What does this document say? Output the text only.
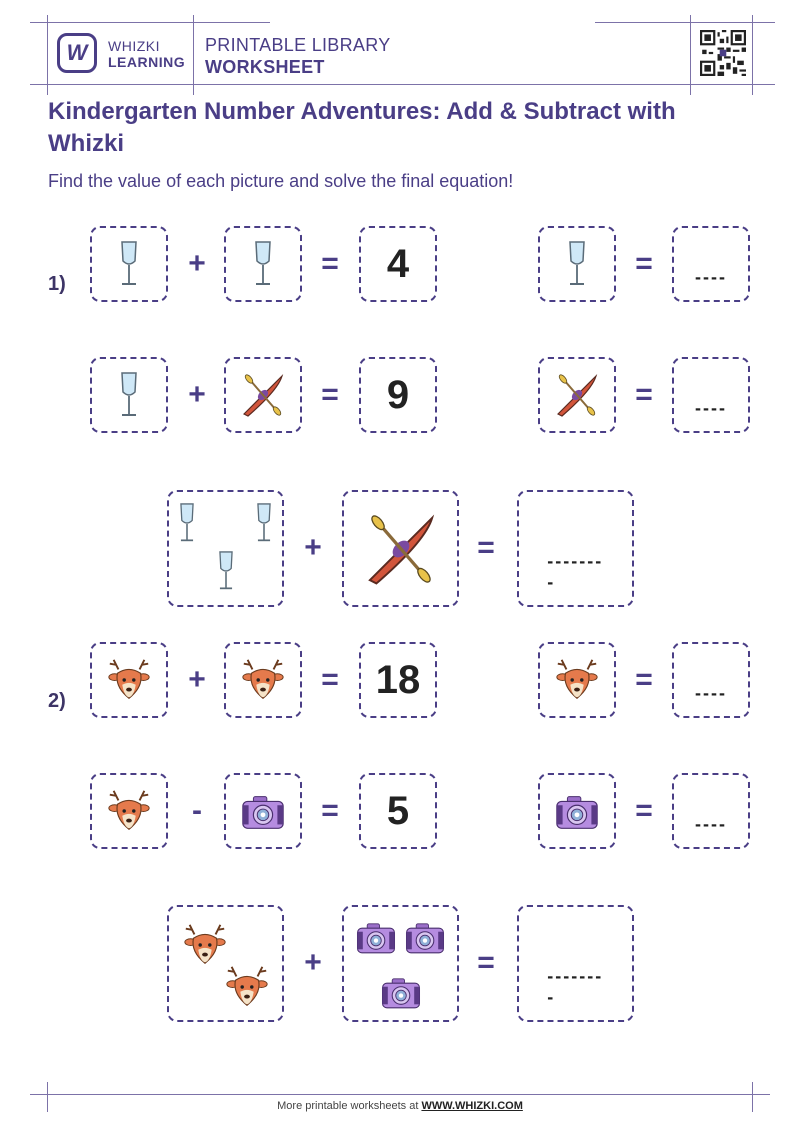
W WHIZKI
LEARNING
PRINTABLE LIBRARY
WORKSHEET
Kindergarten Number Adventures: Add & Subtract with Whizki
Find the value of each picture and solve the final equation!
1)
+	= 4	=	----
+	= 9	=	----
+	=	--------
2)
+	= 18	=	----
-	= 5	=	----
+	=	--------
More printable worksheets at WWW.WHIZKI.COM
